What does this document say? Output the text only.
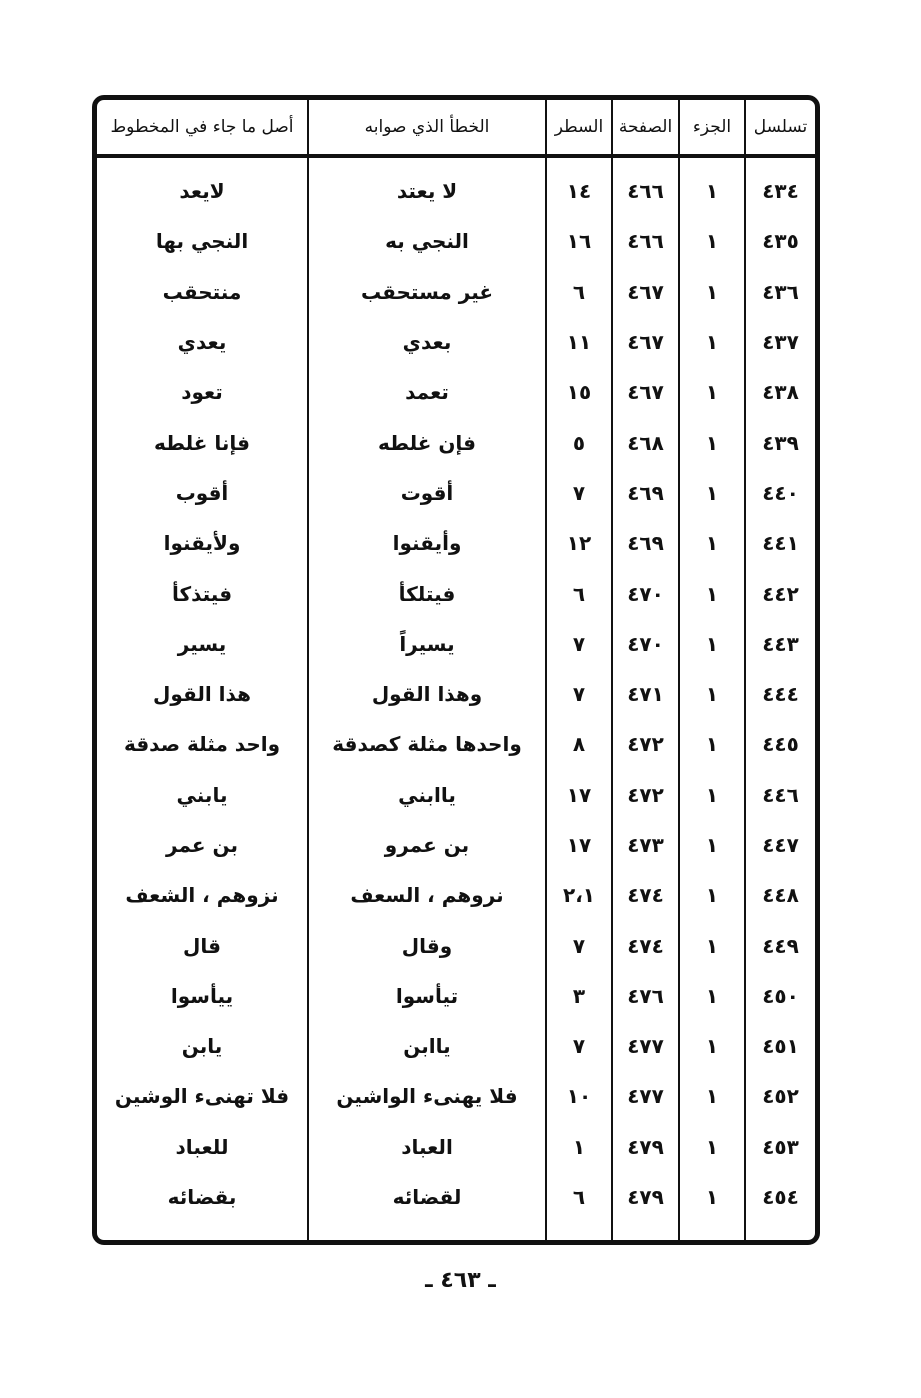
تسلسل	الجزء	الصفحة	السطر	الخطأ الذي صوابه	أصل ما جاء في المخطوط
٤٣٤	١	٤٦٦	١٤	لا يعتد	لايعد
٤٣٥	١	٤٦٦	١٦	النجي به	النجي بها
٤٣٦	١	٤٦٧	٦	غير مستحقب	منتحقب
٤٣٧	١	٤٦٧	١١	بعدي	يعدي
٤٣٨	١	٤٦٧	١٥	تعمد	تعود
٤٣٩	١	٤٦٨	٥	فإن غلطه	فإنا غلطه
٤٤٠	١	٤٦٩	٧	أقوت	أقوب
٤٤١	١	٤٦٩	١٢	وأيقنوا	ولأيقنوا
٤٤٢	١	٤٧٠	٦	فيتلكأ	فيتذكأ
٤٤٣	١	٤٧٠	٧	يسيراً	يسير
٤٤٤	١	٤٧١	٧	وهذا القول	هذا القول
٤٤٥	١	٤٧٢	٨	واحدها مثلة كصدقة	واحد مثلة صدقة
٤٤٦	١	٤٧٢	١٧	ياابني	يابني
٤٤٧	١	٤٧٣	١٧	بن عمرو	بن عمر
٤٤٨	١	٤٧٤	٢،١	نروهم ، السعف	نزوهم ، الشعف
٤٤٩	١	٤٧٤	٧	وقال	قال
٤٥٠	١	٤٧٦	٣	تيأسوا	ييأسوا
٤٥١	١	٤٧٧	٧	ياابن	يابن
٤٥٢	١	٤٧٧	١٠	فلا يهنىء الواشين	فلا تهنىء الوشين
٤٥٣	١	٤٧٩	١	العباد	للعباد
٤٥٤	١	٤٧٩	٦	لقضائه	بقضائه

ـ ٤٦٣ ـ
